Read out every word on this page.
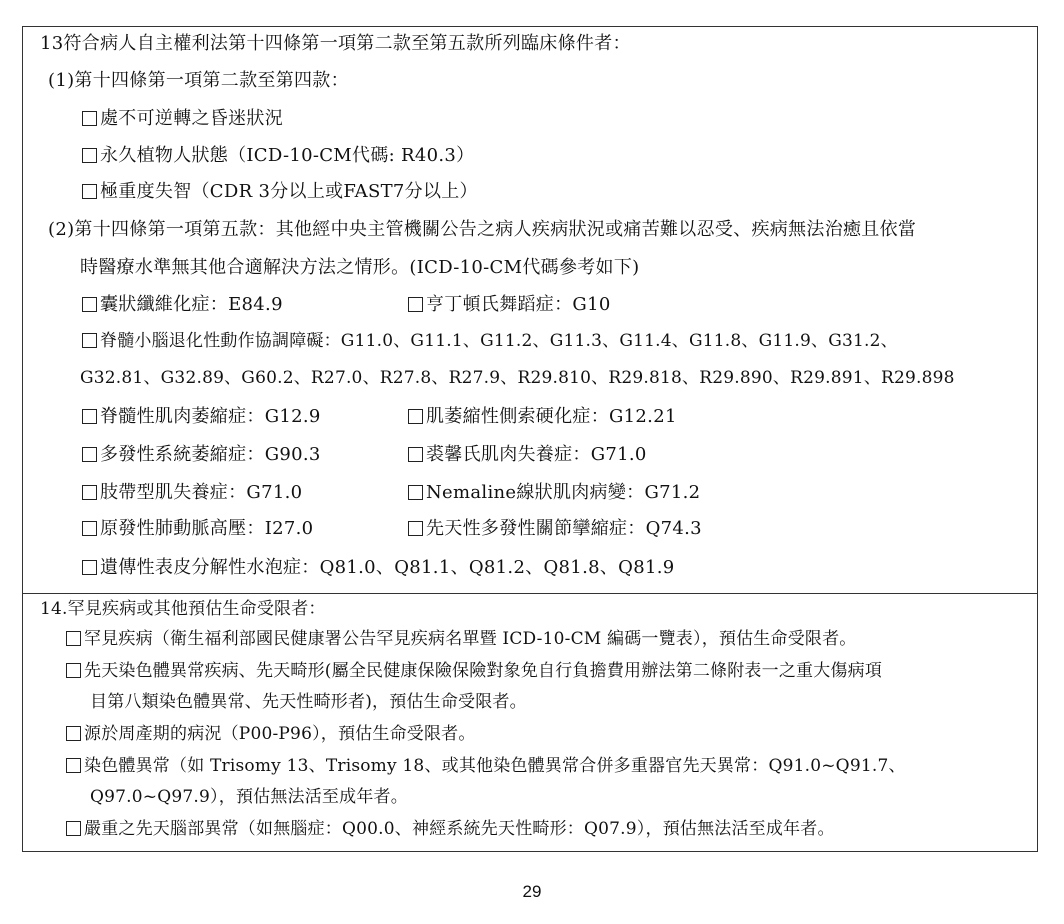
13符合病人自主權利法第十四條第一項第二款至第五款所列臨床條件者：
(1)第十四條第一項第二款至第四款：
處不可逆轉之昏迷狀況
永久植物人狀態（ICD-10-CM代碼: R40.3）
極重度失智（CDR 3分以上或FAST7分以上）
(2)第十四條第一項第五款：其他經中央主管機關公告之病人疾病狀況或痛苦難以忍受、疾病無法治癒且依當
時醫療水準無其他合適解決方法之情形。(ICD-10-CM代碼參考如下)
囊狀纖維化症：E84.9	亨丁頓氏舞蹈症：G10
脊髓小腦退化性動作協調障礙：G11.0、G11.1、G11.2、G11.3、G11.4、G11.8、G11.9、G31.2、
G32.81、G32.89、G60.2、R27.0、R27.8、R27.9、R29.810、R29.818、R29.890、R29.891、R29.898
脊髓性肌肉萎縮症：G12.9	肌萎縮性側索硬化症：G12.21
多發性系統萎縮症：G90.3	裘馨氏肌肉失養症：G71.0
肢帶型肌失養症：G71.0	Nemaline線狀肌肉病變：G71.2
原發性肺動脈高壓：I27.0	先天性多發性關節攣縮症：Q74.3
遺傳性表皮分解性水泡症：Q81.0、Q81.1、Q81.2、Q81.8、Q81.9
14.罕見疾病或其他預估生命受限者：
罕見疾病（衛生福利部國民健康署公告罕見疾病名單暨 ICD-10-CM 編碼一覽表），預估生命受限者。
先天染色體異常疾病、先天畸形(屬全民健康保險保險對象免自行負擔費用辦法第二條附表一之重大傷病項
目第八類染色體異常、先天性畸形者)，預估生命受限者。
源於周產期的病況（P00-P96），預估生命受限者。
染色體異常（如 Trisomy 13、Trisomy 18、或其他染色體異常合併多重器官先天異常：Q91.0~Q91.7、
Q97.0~Q97.9），預估無法活至成年者。
嚴重之先天腦部異常（如無腦症：Q00.0、神經系統先天性畸形：Q07.9），預估無法活至成年者。
29
